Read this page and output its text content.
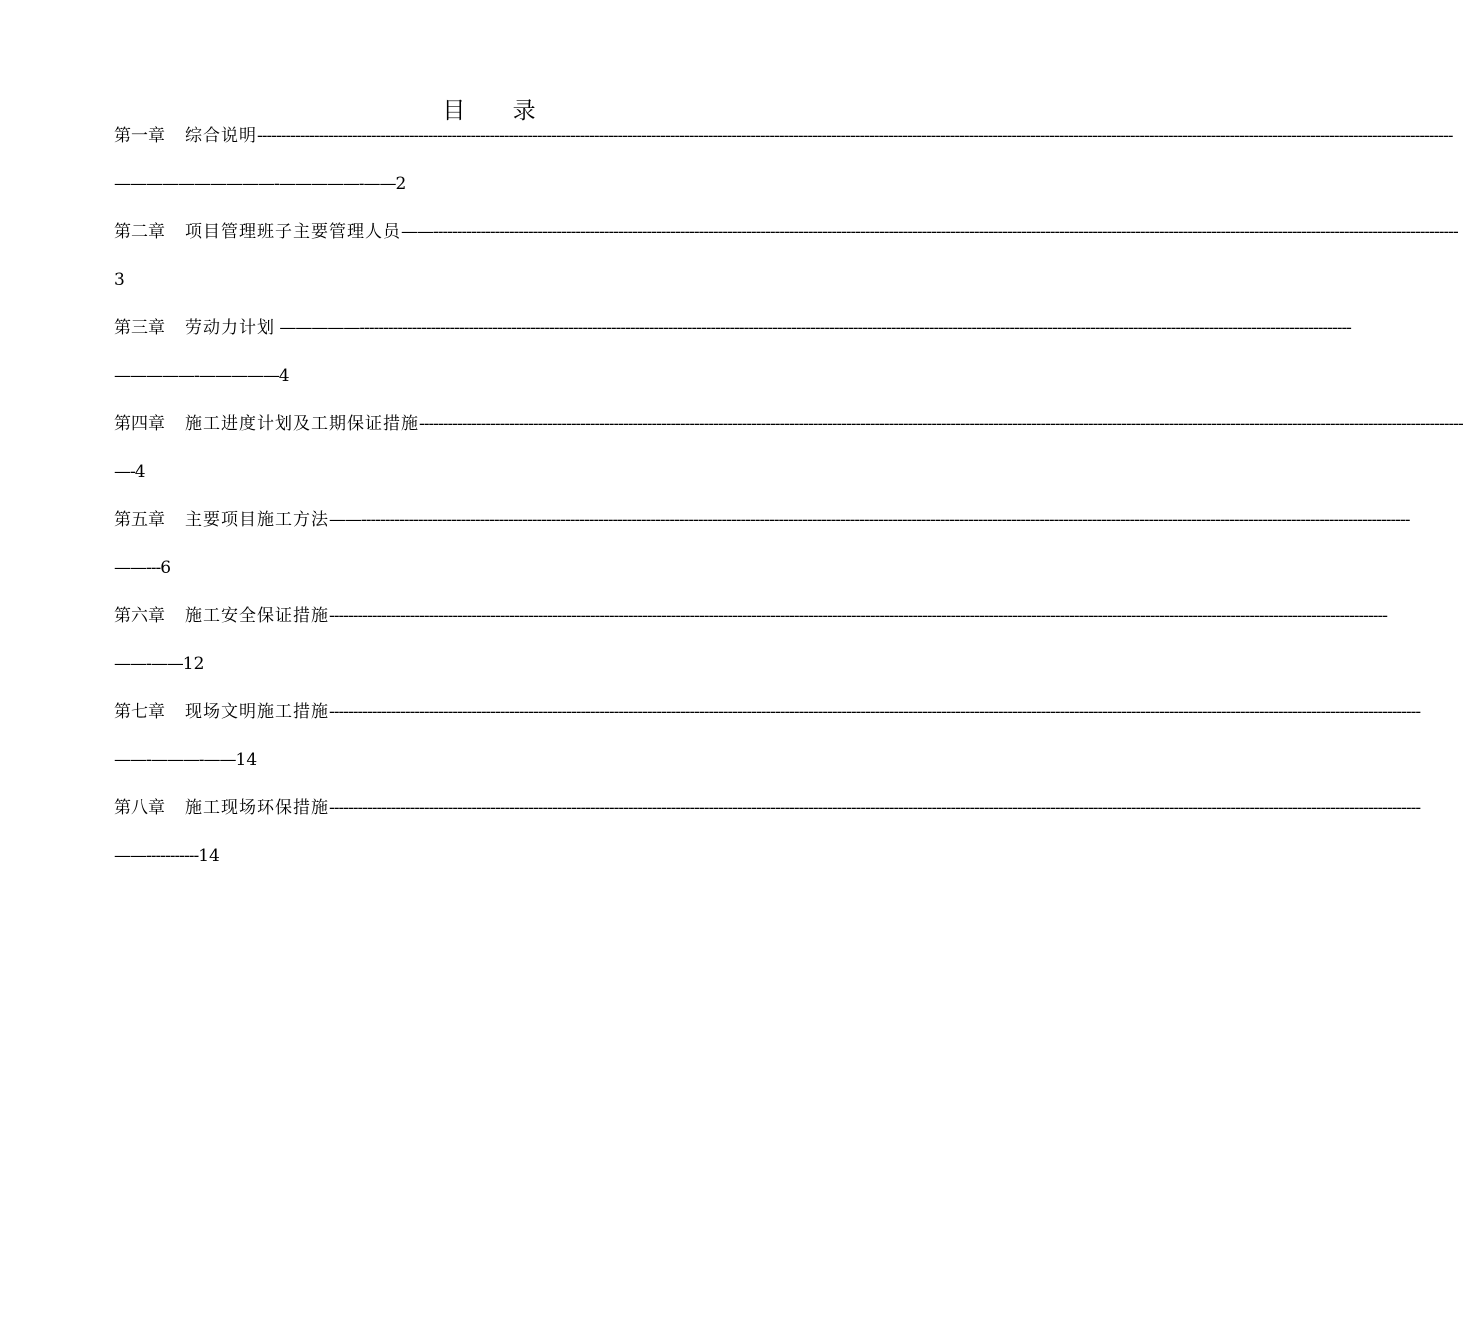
目 录
第一章 综合说明------------------------------------------------------------------------------------------------------------------------------------------------------------------------------------------------------------------------------------------------------------
——————————-—————-——2
第二章 项目管理班子主要管理人员——------------------------------------------------------------------------------------------------------------------------------------------------------------------------------------------------------------------------
3
第三章 劳动力计划 —————-----------------------------------------------------------------------------------------------------------------------------------------------------------------------------------------------------------------
—————-—————4
第四章 施工进度计划及工期保证措施----------------------------------------------------------------------------------------------------------------------------------------------------------------------------------------------------------------------------
—-4
第五章 主要项目施工方法——-----------------------------------------------------------------------------------------------------------------------------------------------------------------------------------------------------------------------------
——---6
第六章 施工安全保证措施-------------------------------------------------------------------------------------------------------------------------------------------------------------------------------------------------------------------------------
——-——12
第七章 现场文明施工措施--------------------------------------------------------------------------------------------------------------------------------------------------------------------------------------------------------------------------------------
——-———-——14
第八章 施工现场环保措施--------------------------------------------------------------------------------------------------------------------------------------------------------------------------------------------------------------------------------------
——-----------14
